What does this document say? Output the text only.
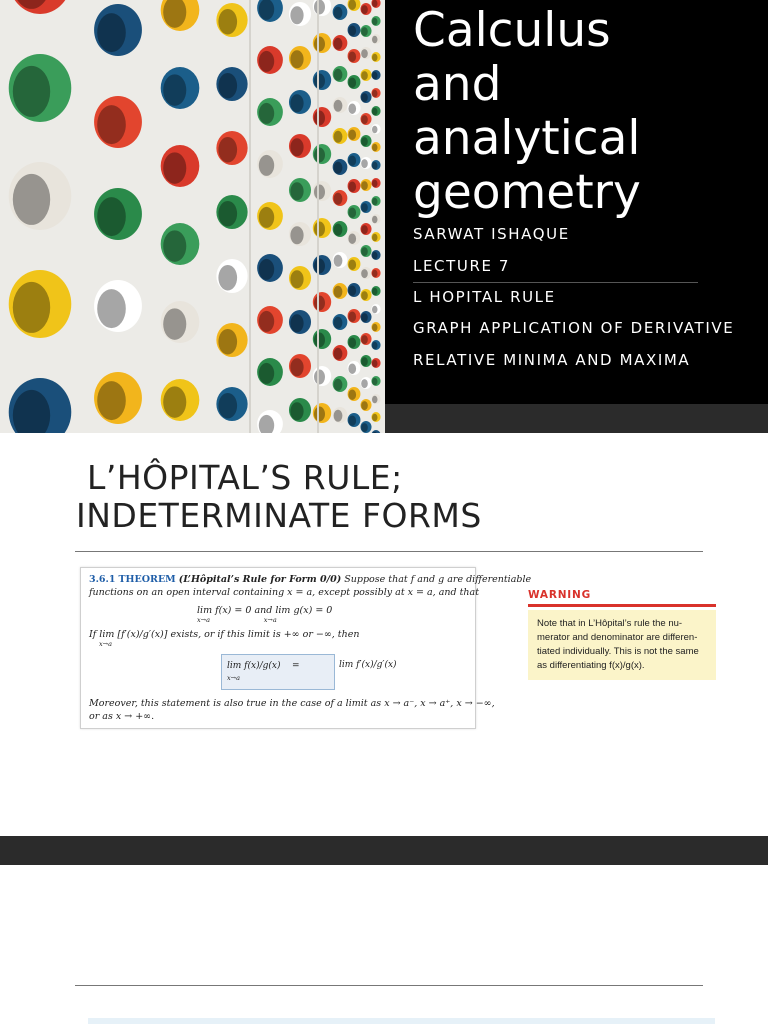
Calculus
and
analytical
geometry
SARWAT ISHAQUE
LECTURE 7
L HOPITAL RULE
GRAPH APPLICATION OF DERIVATIVE
RELATIVE MINIMA AND MAXIMA
L’HÔPITAL’S RULE;
INDETERMINATE FORMS
3.6.1 THEOREM (L’Hôpital’s Rule for Form 0/0) Suppose that f and g are differentiable
functions on an open interval containing x = a, except possibly at x = a, and that
lim f(x) = 0 and lim g(x) = 0
x→a                          x→a
If lim [f′(x)/g′(x)] exists, or if this limit is +∞ or −∞, then
x→a
lim f(x)/g(x) =	lim f′(x)/g′(x)
x→a
Moreover, this statement is also true in the case of a limit as x → a⁻, x → a⁺, x → −∞,
or as x → +∞.
WARNING
Note that in L’Hôpital’s rule the nu-
merator and denominator are differen-
tiated individually. This is not the same
as differentiating f(x)/g(x).
